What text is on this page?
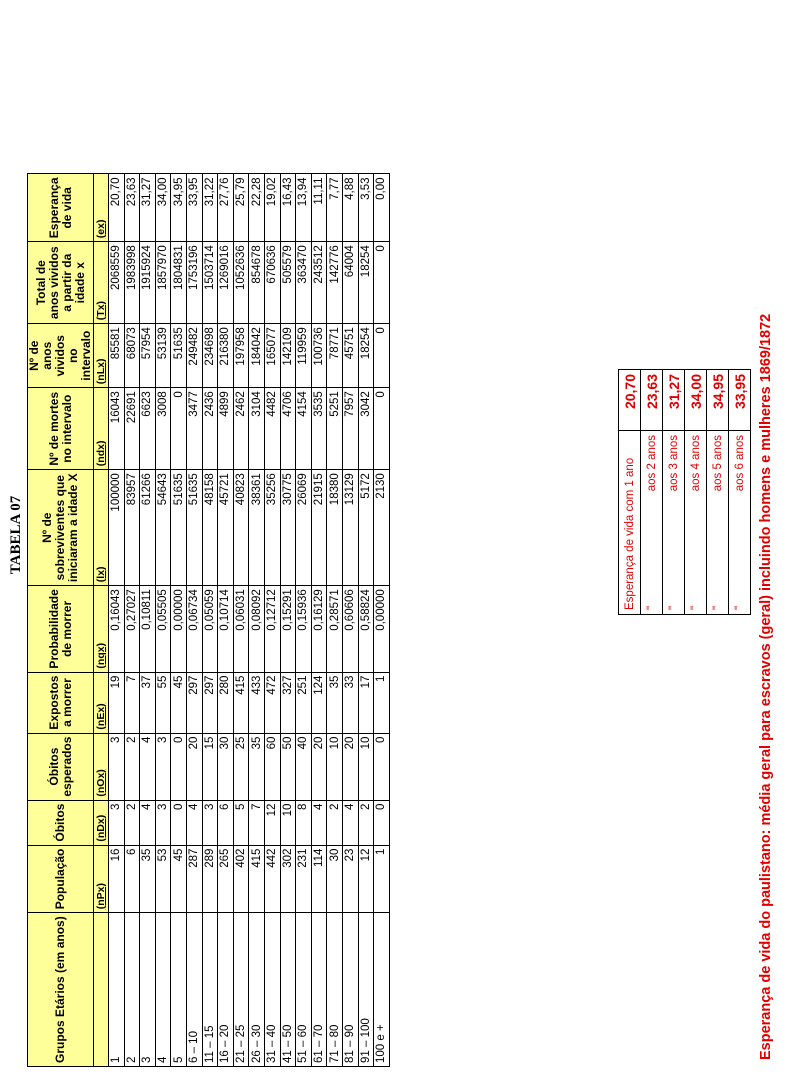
TABELA 07
Grupos Etários (em anos)	População	Óbitos	Óbitos esperados	Expostos a morrer	Probabilidade de morrer	Nº de sobreviventes que iniciaram a idade X	Nº de mortes no intervalo	Nº de anos vividos no intervalo	Total de anos vividos a partir da idade x	Esperança de vida
	(nPx)	(nDx)	(nOx)	(nEx)	(nqx)	(lx)	(ndx)	(nLx)	(Tx)	(ex)
1	16	3	3	19	0,16043	100000	16043	85581	2068559	20,70
2	6	2	2	7	0,27027	83957	22691	68073	1983998	23,63
3	35	4	4	37	0,10811	61266	6623	57954	1915924	31,27
4	53	3	3	55	0,05505	54643	3008	53139	1857970	34,00
5	45	0	0	45	0,00000	51635	0	51635	1804831	34,95
6 – 10	287	4	20	297	0,06734	51635	3477	249482	1753196	33,95
11 – 15	289	3	15	297	0,05059	48158	2436	234698	1503714	31,22
16 – 20	265	6	30	280	0,10714	45721	4899	216380	1269016	27,76
21 – 25	402	5	25	415	0,06031	40823	2462	197958	1052636	25,79
26 – 30	415	7	35	433	0,08092	38361	3104	184042	854678	22,28
31 – 40	442	12	60	472	0,12712	35256	4482	165077	670636	19,02
41 – 50	302	10	50	327	0,15291	30775	4706	142109	505579	16,43
51 – 60	231	8	40	251	0,15936	26069	4154	119959	363470	13,94
61 – 70	114	4	20	124	0,16129	21915	3535	100736	243512	11,11
71 – 80	30	2	10	35	0,28571	18380	5251	78771	142776	7,77
81 – 90	23	4	20	33	0,60606	13129	7957	45751	64004	4,88
91 – 100	12	2	10	17	0,58824	5172	3042	18254	18254	3,53
100 e +	1	0	0	1	0,00000	2130	0	0	0	0,00
Esperança de vida do paulistano: média geral para escravos (geral) incluindo homens e mulheres 1869/1872
Esperança de vida com 1 ano	20,70

"
aos 2 anos	23,63

"
aos 3 anos	31,27

"
aos 4 anos	34,00

"
aos 5 anos	34,95

"
aos 6 anos	33,95
